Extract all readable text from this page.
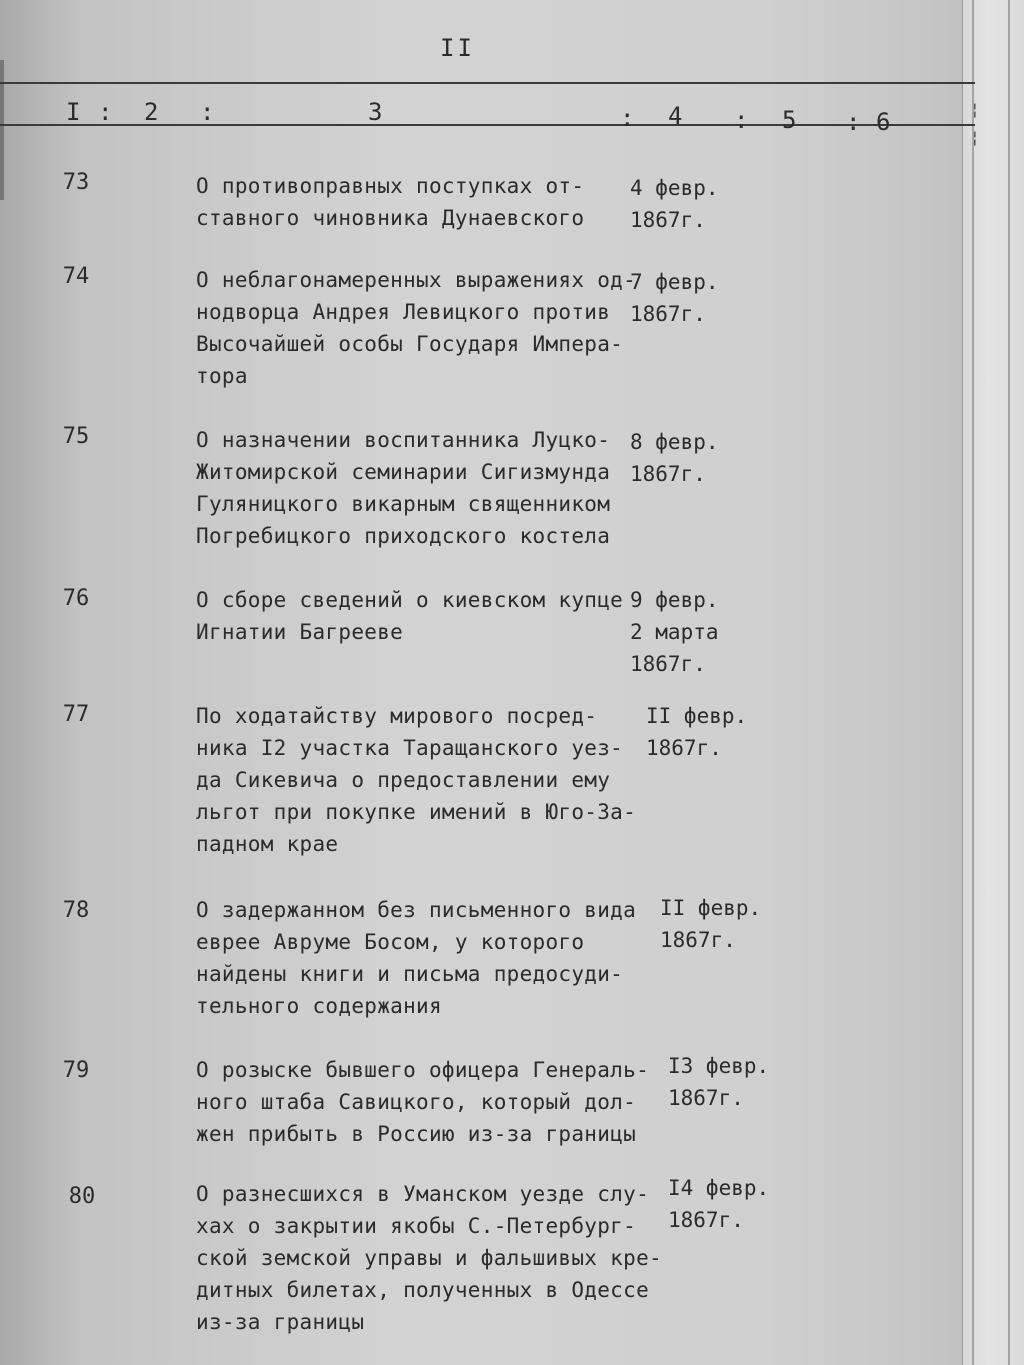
II
I : 2 :	3	: 4 : 5 : 6	¦
¦
73	О противоправных поступках от-
ставного чиновника Дунаевского
4 февр.
1867г.
74	О неблагонамеренных выражениях од-
нодворца Андрея Левицкого против
Высочайшей особы Государя Импера-
тора
7 февр.
1867г.
75	О назначении воспитанника Луцко-
Житомирской семинарии Сигизмунда
Гуляницкого викарным священником
Погребицкого приходского костела
8 февр.
1867г.
76	О сборе сведений о киевском купце
Игнатии Багрееве
9 февр.
2 марта
1867г.
77	По ходатайству мирового посред-
ника I2 участка Таращанского уез-
да Сикевича о предоставлении ему
льгот при покупке имений в Юго-За-
падном крае
II февр.
1867г.
78	О задержанном без письменного вида
еврее Авруме Босом, у которого
найдены книги и письма предосуди-
тельного содержания
II февр.
1867г.
79	О розыске бывшего офицера Генераль-
ного штаба Савицкого, который дол-
жен прибыть в Россию из-за границы
I3 февр.
1867г.
80	О разнесшихся в Уманском уезде слу-
хах о закрытии якобы С.-Петербург-
ской земской управы и фальшивых кре-
дитных билетах, полученных в Одессе
из-за границы
I4 февр.
1867г.
